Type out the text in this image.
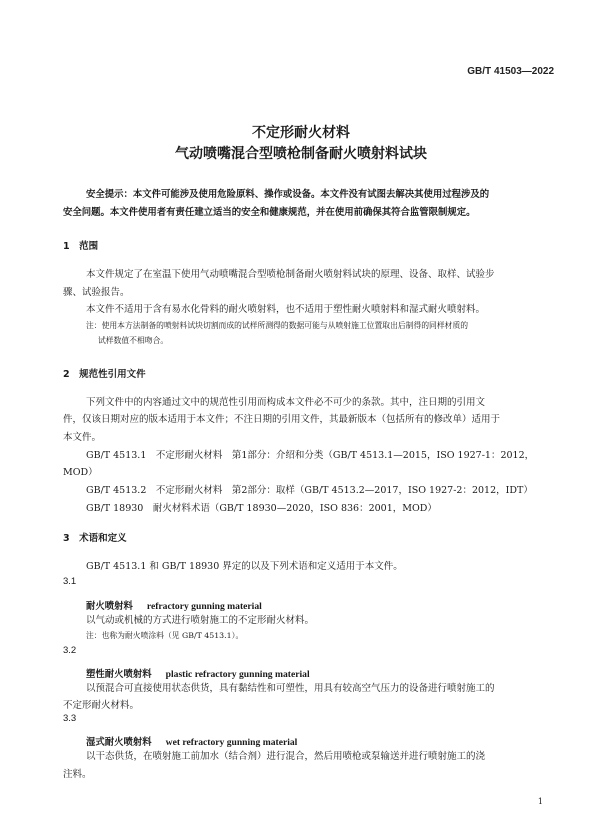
GB/T 41503—2022
不定形耐火材料
气动喷嘴混合型喷枪制备耐火喷射料试块
安全提示：本文件可能涉及使用危险原料、操作或设备。本文件没有试图去解决其使用过程涉及的
安全问题。本文件使用者有责任建立适当的安全和健康规范，并在使用前确保其符合监管限制规定。
1　范围
本文件规定了在室温下使用气动喷嘴混合型喷枪制备耐火喷射料试块的原理、设备、取样、试验步
骤、试验报告。
本文件不适用于含有易水化骨料的耐火喷射料，也不适用于塑性耐火喷射料和湿式耐火喷射料。
注：使用本方法制备的喷射料试块切割而成的试样所测得的数据可能与从喷射施工位置取出后制得的同样材质的
试样数值不相吻合。
2　规范性引用文件
下列文件中的内容通过文中的规范性引用而构成本文件必不可少的条款。其中，注日期的引用文
件，仅该日期对应的版本适用于本文件；不注日期的引用文件，其最新版本（包括所有的修改单）适用于
本文件。
GB/T 4513.1　不定形耐火材料　第1部分：介绍和分类（GB/T 4513.1—2015，ISO 1927-1：2012，
MOD）
GB/T 4513.2　不定形耐火材料　第2部分：取样（GB/T 4513.2—2017，ISO 1927-2：2012，IDT）
GB/T 18930　耐火材料术语（GB/T 18930—2020，ISO 836：2001，MOD）
3　术语和定义
GB/T 4513.1 和 GB/T 18930 界定的以及下列术语和定义适用于本文件。
3.1
耐火喷射料 refractory gunning material
以气动或机械的方式进行喷射施工的不定形耐火材料。
注：也称为耐火喷涂料（见 GB/T 4513.1）。
3.2
塑性耐火喷射料 plastic refractory gunning material
以预混合可直接使用状态供货，具有黏结性和可塑性，用具有较高空气压力的设备进行喷射施工的
不定形耐火材料。
3.3
湿式耐火喷射料 wet refractory gunning material
以干态供货，在喷射施工前加水（结合剂）进行混合，然后用喷枪或泵输送并进行喷射施工的浇
注料。
1
